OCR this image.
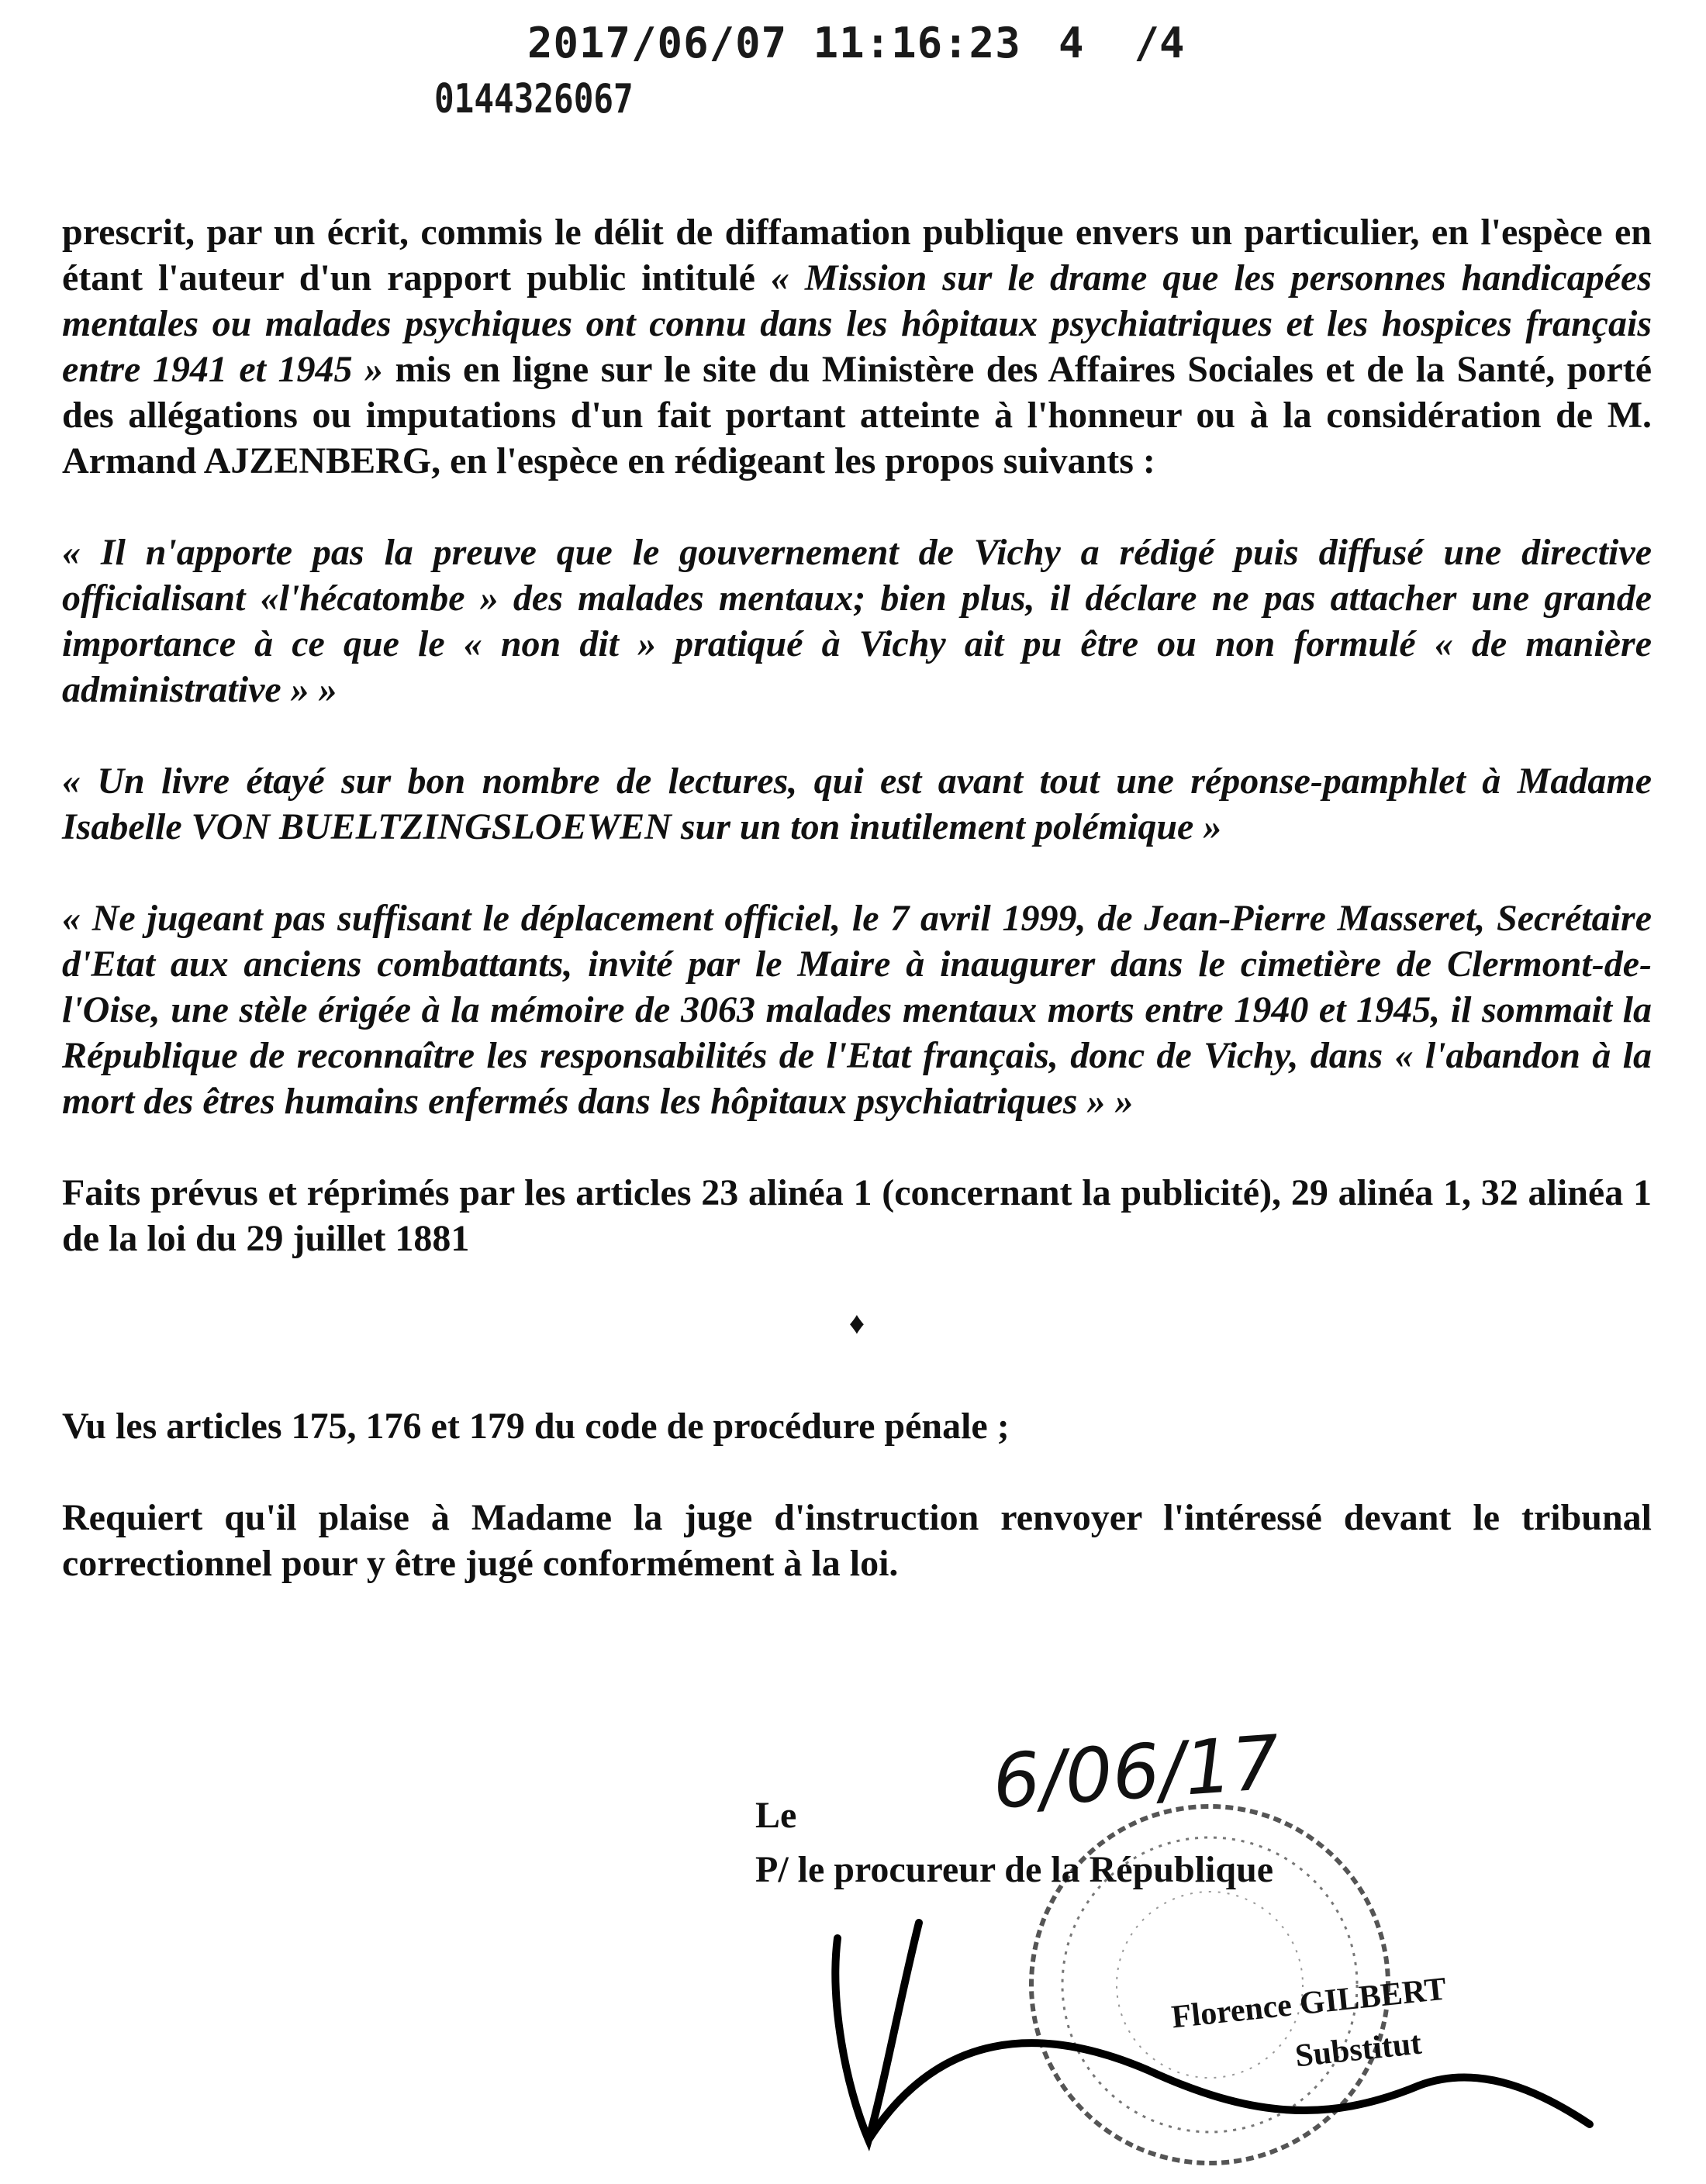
2017/06/07 11:16:23 4  /4
0144326067

prescrit, par un écrit, commis le délit de diffamation publique envers un particulier, en l'espèce en étant l'auteur d'un rapport public intitulé « Mission sur le drame que les personnes handicapées mentales ou malades psychiques ont connu dans les hôpitaux psychiatriques et les hospices français entre 1941 et 1945 » mis en ligne sur le site du Ministère des Affaires Sociales et de la Santé, porté des allégations ou imputations d'un fait portant atteinte à l'honneur ou à la considération de M. Armand AJZENBERG, en l'espèce en rédigeant les propos suivants :

« Il n'apporte pas la preuve que le gouvernement de Vichy a rédigé puis diffusé une directive officialisant «l'hécatombe » des malades mentaux; bien plus, il déclare ne pas attacher une grande importance à ce que le « non dit » pratiqué à Vichy ait pu être ou non formulé « de manière administrative » »

« Un livre étayé sur bon nombre de lectures, qui est avant tout une réponse-pamphlet à Madame Isabelle VON BUELTZINGSLOEWEN sur un ton inutilement polémique »

« Ne jugeant pas suffisant le déplacement officiel, le 7 avril 1999, de Jean-Pierre Masseret, Secrétaire d'Etat aux anciens combattants, invité par le Maire à inaugurer dans le cimetière de Clermont-de-l'Oise, une stèle érigée à la mémoire de 3063 malades mentaux morts entre 1940 et 1945, il sommait la République de reconnaître les responsabilités de l'Etat français, donc de Vichy, dans « l'abandon à la mort des êtres humains enfermés dans les hôpitaux psychiatriques » »

Faits prévus et réprimés par les articles 23 alinéa 1 (concernant la publicité), 29 alinéa 1, 32 alinéa 1 de la loi du 29 juillet 1881

♦

Vu les articles 175, 176 et 179 du code de procédure pénale ;

Requiert qu'il plaise à Madame la juge d'instruction renvoyer l'intéressé devant le tribunal correctionnel pour y être jugé conformément à la loi.

Le	6/06/17
P/ le procureur de la République
Florence GILBERT
Substitut
